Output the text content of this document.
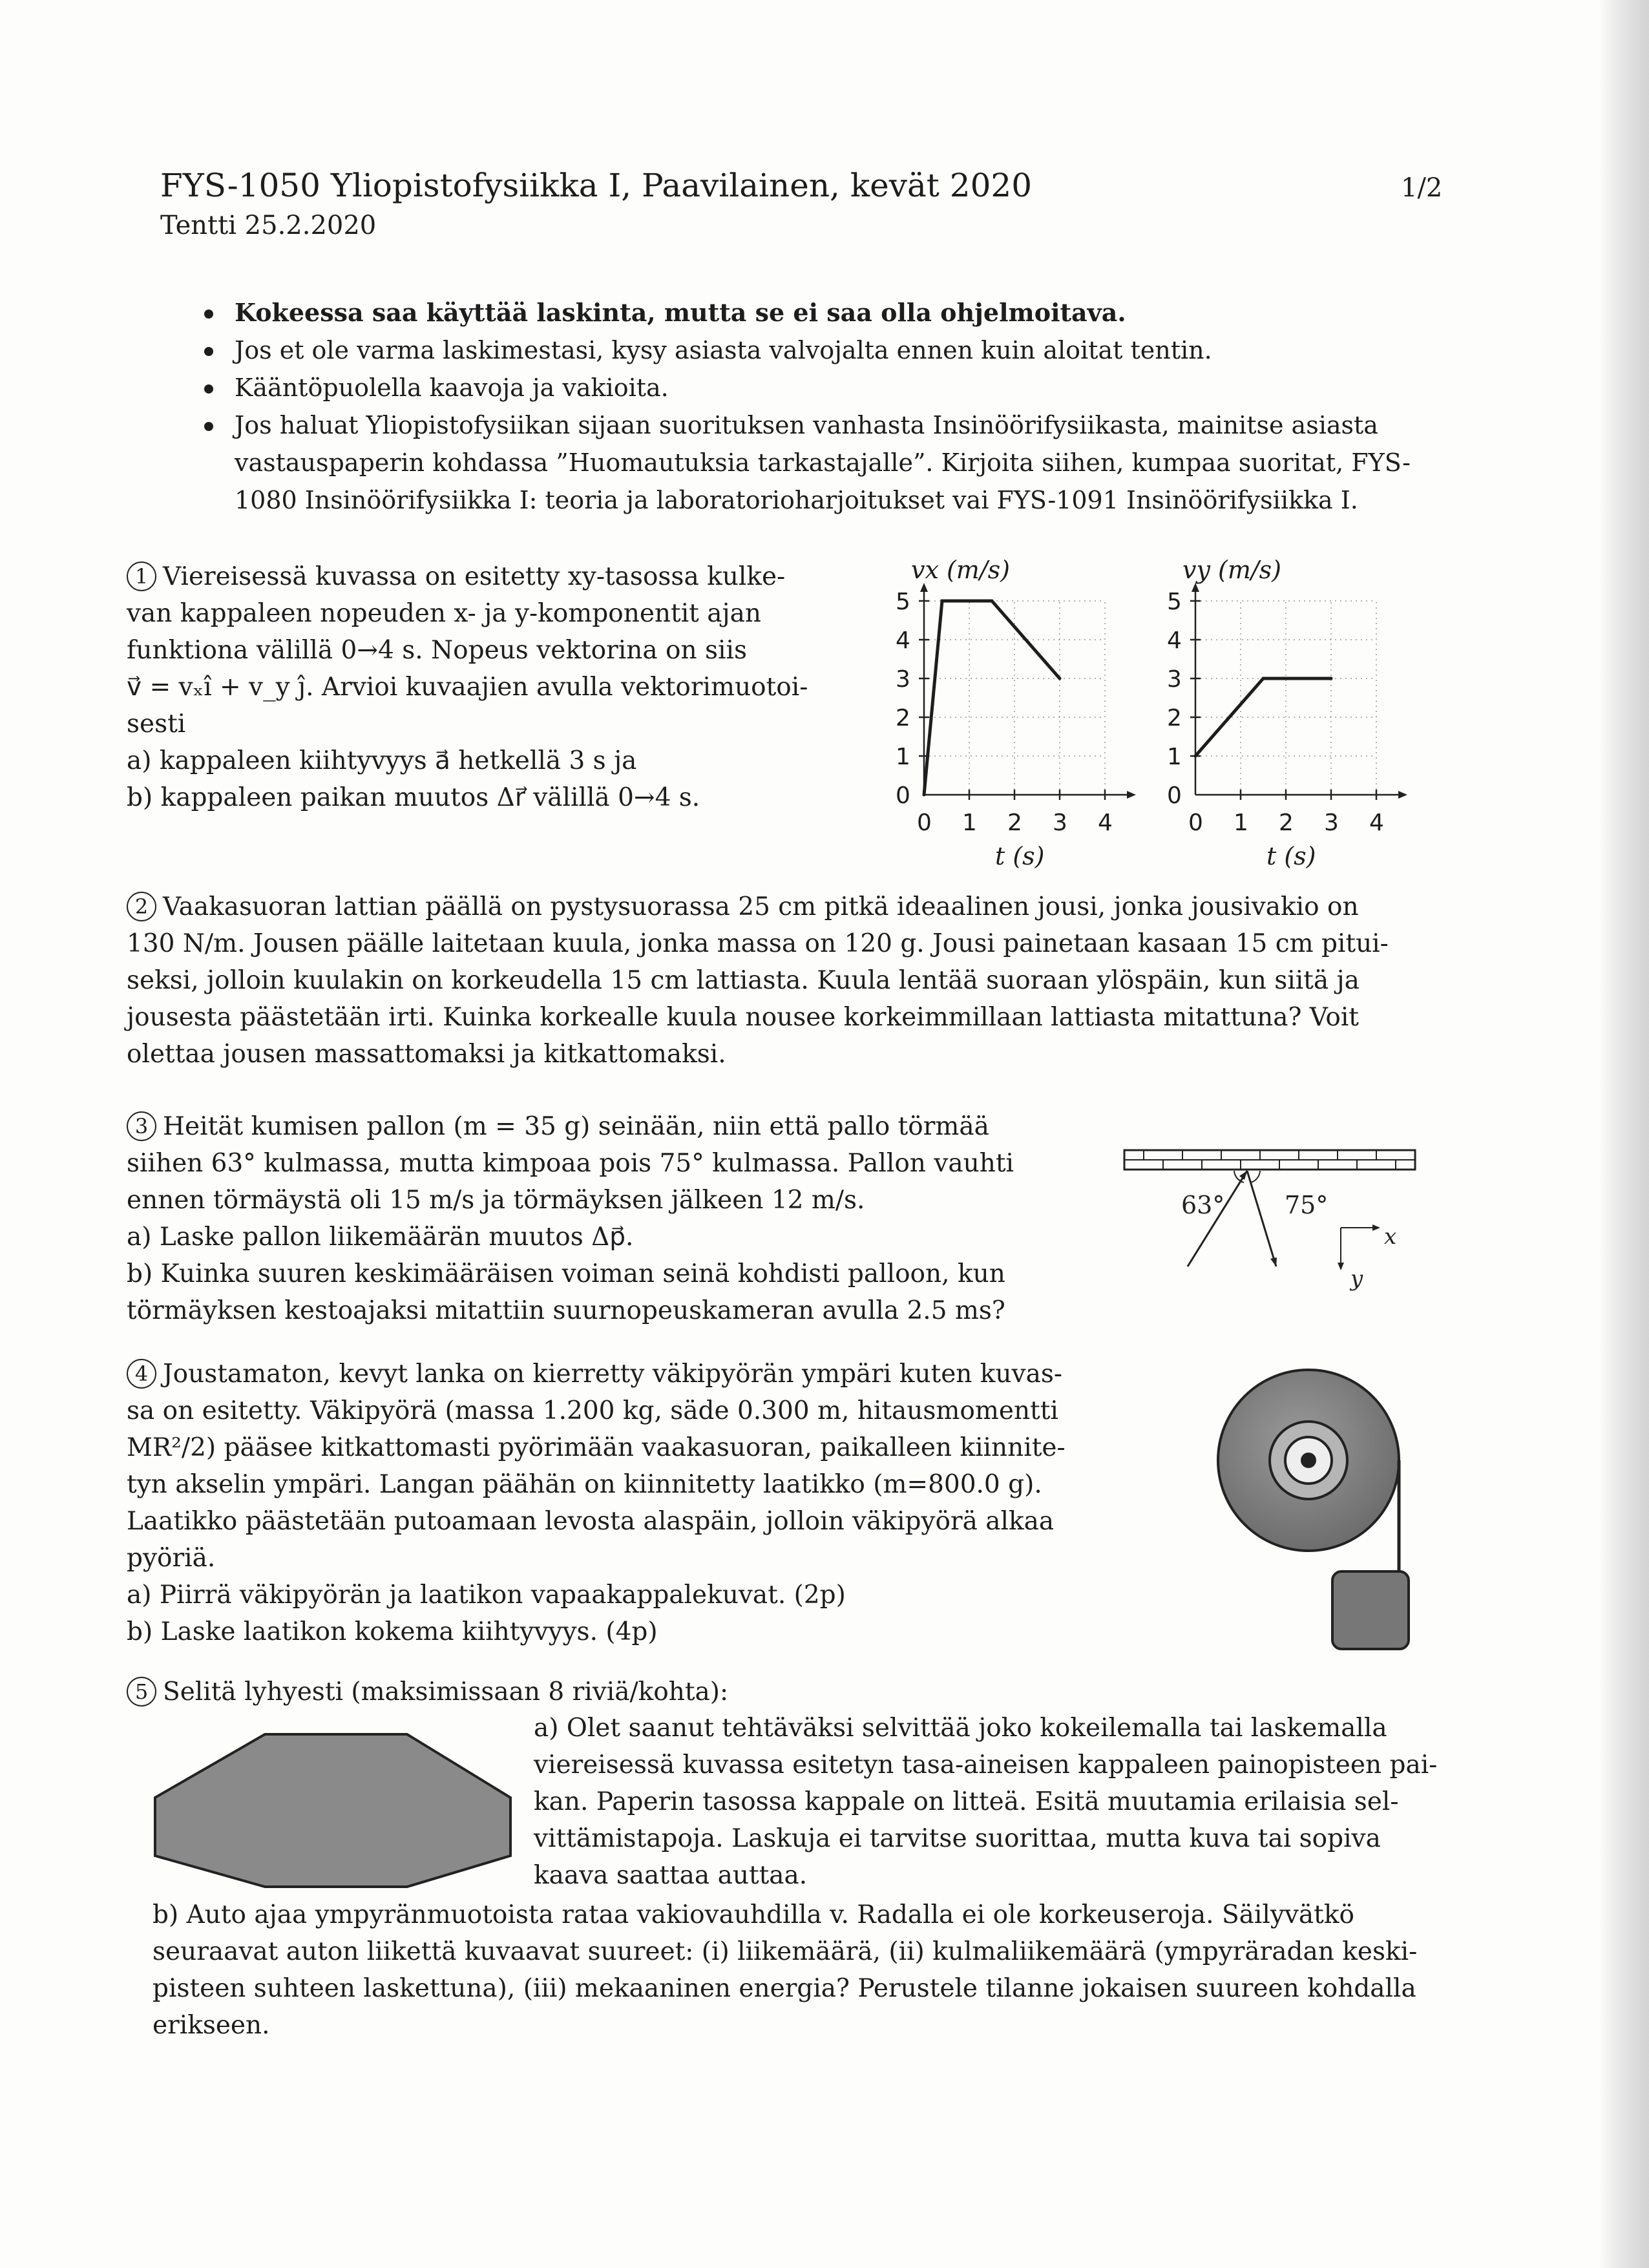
FYS-1050 Yliopistofysiikka I, Paavilainen, kevät 2020
Tentti 25.2.2020
1/2
Kokeessa saa käyttää laskinta, mutta se ei saa olla ohjelmoitava.
Jos et ole varma laskimestasi, kysy asiasta valvojalta ennen kuin aloitat tentin.
Kääntöpuolella kaavoja ja vakioita.
Jos haluat Yliopistofysiikan sijaan suorituksen vanhasta Insinöörifysiikasta, mainitse asiasta vastauspaperin kohdassa ”Huomautuksia tarkastajalle”. Kirjoita siihen, kumpaa suoritat, FYS-1080 Insinöörifysiikka I: teoria ja laboratorioharjoitukset vai FYS-1091 Insinöörifysiikka I.
1 Viereisessä kuvassa on esitetty xy-tasossa kulke-
van kappaleen nopeuden x- ja y-komponentit ajan
funktiona välillä 0→4 s. Nopeus vektorina on siis
v⃗ = vₓî + v_y ĵ. Arvioi kuvaajien avulla vektorimuotoi-
sesti
a) kappaleen kiihtyvyys a⃗ hetkellä 3 s ja
b) kappaleen paikan muutos Δr⃗ välillä 0→4 s.	0
1
2
3
4
5
0 1 2 3 4
vx (m/s)
t (s)
0
1
2
3
4
5
0 1 2 3 4
vy (m/s)
t (s)
2 Vaakasuoran lattian päällä on pystysuorassa 25 cm pitkä ideaalinen jousi, jonka jousivakio on
130 N/m. Jousen päälle laitetaan kuula, jonka massa on 120 g. Jousi painetaan kasaan 15 cm pitui-
seksi, jolloin kuulakin on korkeudella 15 cm lattiasta. Kuula lentää suoraan ylöspäin, kun siitä ja
jousesta päästetään irti. Kuinka korkealle kuula nousee korkeimmillaan lattiasta mitattuna? Voit
olettaa jousen massattomaksi ja kitkattomaksi.
3 Heität kumisen pallon (m = 35 g) seinään, niin että pallo törmää
siihen 63° kulmassa, mutta kimpoaa pois 75° kulmassa. Pallon vauhti
ennen törmäystä oli 15 m/s ja törmäyksen jälkeen 12 m/s.
a) Laske pallon liikemäärän muutos Δp⃗.
b) Kuinka suuren keskimääräisen voiman seinä kohdisti palloon, kun
törmäyksen kestoajaksi mitattiin suurnopeuskameran avulla 2.5 ms?
63° 75°
x
y
4 Joustamaton, kevyt lanka on kierretty väkipyörän ympäri kuten kuvas-
sa on esitetty. Väkipyörä (massa 1.200 kg, säde 0.300 m, hitausmomentti
MR²/2) pääsee kitkattomasti pyörimään vaakasuoran, paikalleen kiinnite-
tyn akselin ympäri. Langan päähän on kiinnitetty laatikko (m=800.0 g).
Laatikko päästetään putoamaan levosta alaspäin, jolloin väkipyörä alkaa
pyöriä.
a) Piirrä väkipyörän ja laatikon vapaakappalekuvat. (2p)
b) Laske laatikon kokema kiihtyvyys. (4p)
5 Selitä lyhyesti (maksimissaan 8 riviä/kohta):
a) Olet saanut tehtäväksi selvittää joko kokeilemalla tai laskemalla
viereisessä kuvassa esitetyn tasa-aineisen kappaleen painopisteen pai-
kan. Paperin tasossa kappale on litteä. Esitä muutamia erilaisia sel-
vittämistapoja. Laskuja ei tarvitse suorittaa, mutta kuva tai sopiva
kaava saattaa auttaa.
b) Auto ajaa ympyränmuotoista rataa vakiovauhdilla v. Radalla ei ole korkeuseroja. Säilyvätkö
seuraavat auton liikettä kuvaavat suureet: (i) liikemäärä, (ii) kulmaliikemäärä (ympyräradan keski-
pisteen suhteen laskettuna), (iii) mekaaninen energia? Perustele tilanne jokaisen suureen kohdalla
erikseen.
